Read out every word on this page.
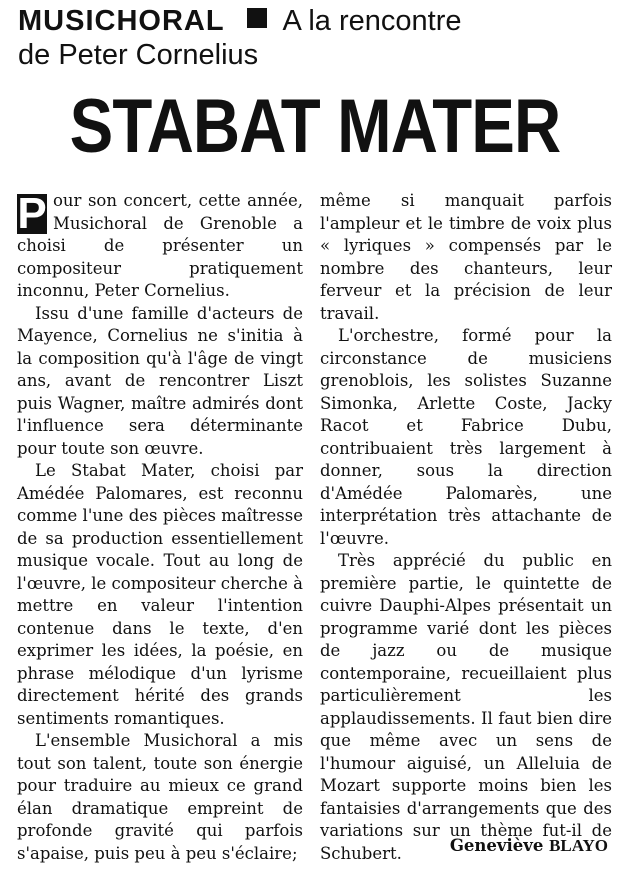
MUSICHORAL A la rencontre
de Peter Cornelius
STABAT MATER

P our son concert, cette année, Musichoral de Grenoble a choisi de présenter un compositeur pratiquement inconnu, Peter Cornelius.

Issu d'une famille d'acteurs de Mayence, Cornelius ne s'initia à la composition qu'à l'âge de vingt ans, avant de rencontrer Liszt puis Wagner, maître admirés dont l'influence sera déterminante pour toute son œuvre.

Le Stabat Mater, choisi par Amédée Palomares, est reconnu comme l'une des pièces maîtresse de sa production essentiellement musique vocale. Tout au long de l'œuvre, le compositeur cherche à mettre en valeur l'intention contenue dans le texte, d'en exprimer les idées, la poésie, en phrase mélodique d'un lyrisme directement hérité des grands sentiments romantiques.

L'ensemble Musichoral a mis tout son talent, toute son énergie pour traduire au mieux ce grand élan dramatique empreint de profonde gravité qui parfois s'apaise, puis peu à peu s'éclaire;

même si manquait parfois l'ampleur et le timbre de voix plus « lyriques » compensés par le nombre des chanteurs, leur ferveur et la précision de leur travail.

L'orchestre, formé pour la circonstance de musiciens grenoblois, les solistes Suzanne Simonka, Arlette Coste, Jacky Racot et Fabrice Dubu, contribuaient très largement à donner, sous la direction d'Amédée Palomarès, une interprétation très attachante de l'œuvre.

Très apprécié du public en première partie, le quintette de cuivre Dauphi-Alpes présentait un programme varié dont les pièces de jazz ou de musique contemporaine, recueillaient plus particulièrement les applaudissements. Il faut bien dire que même avec un sens de l'humour aiguisé, un Alleluia de Mozart supporte moins bien les fantaisies d'arrangements que des variations sur un thème fut-il de Schubert.	Geneviève BLAYO
